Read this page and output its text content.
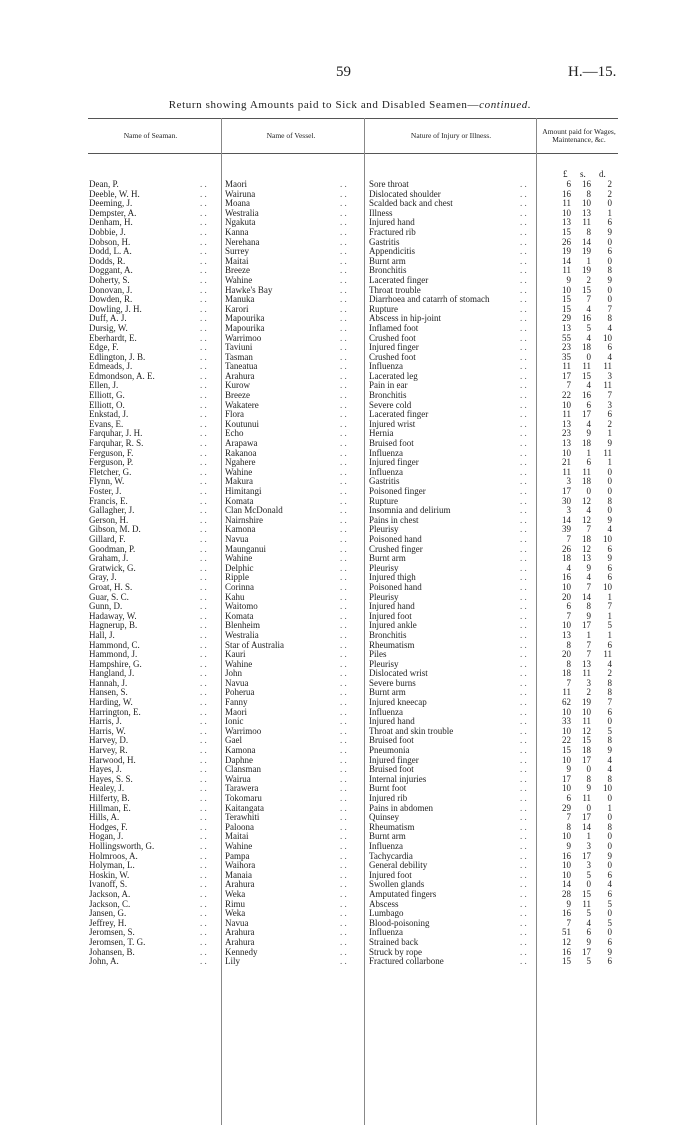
59	H.—15.
Return showing Amounts paid to Sick and Disabled Seamen—continued.
Name of Seaman.	Name of Vessel.	Nature of Injury or Illness.	Amount paid for Wages, Maintenance, &c.
£ s. d.
Dean, P.	Maori	Sore throat	6	16	2
. .	. .	. .
Deeble, W. H.	Wairuna	Dislocated shoulder	16	8	2
. .	. .	. .
Deeming, J.	Moana	Scalded back and chest	11	10	0
. .	. .	. .
Dempster, A.	Westralia	Illness	10	13	1
. .	. .	. .
Denham, H.	Ngakuta	Injured hand	13	11	6
. .	. .	. .
Dobbie, J.	Kanna	Fractured rib	15	8	9
. .	. .	. .
Dobson, H.	Nerehana	Gastritis	26	14	0
. .	. .	. .
Dodd, L. A.	Surrey	Appendicitis	19	19	6
. .	. .	. .
Dodds, R.	Maitai	Burnt arm	14	1	0
. .	. .	. .
Doggant, A.	Breeze	Bronchitis	11	19	8
. .	. .	. .
Doherty, S.	Wahine	Lacerated finger	9	2	9
. .	. .	. .
Donovan, J.	Hawke's Bay	Throat trouble	10	15	0
. .	. .	. .
Dowden, R.	Manuka	Diarrhoea and catarrh of stomach	15	7	0
. .	. .	. .
Dowling, J. H.	Karori	Rupture	15	4	7
. .	. .	. .
Duff, A. J.	Mapourika	Abscess in hip-joint	29	16	8
. .	. .	. .
Dursig, W.	Mapourika	Inflamed foot	13	5	4
. .	. .	. .
Eberhardt, E.	Warrimoo	Crushed foot	55	4	10
. .	. .	. .
Edge, F.	Taviuni	Injured finger	23	18	6
. .	. .	. .
Edlington, J. B.	Tasman	Crushed foot	35	0	4
. .	. .	. .
Edmeads, J.	Taneatua	Influenza	11	11	11
. .	. .	. .
Edmondson, A. E.	Arahura	Lacerated leg	17	15	3
. .	. .	. .
Ellen, J.	Kurow	Pain in ear	7	4	11
. .	. .	. .
Elliott, G.	Breeze	Bronchitis	22	16	7
. .	. .	. .
Elliott, O.	Wakatere	Severe cold	10	6	3
. .	. .	. .
Enkstad, J.	Flora	Lacerated finger	11	17	6
. .	. .	. .
Evans, E.	Koutunui	Injured wrist	13	4	2
. .	. .	. .
Farquhar, J. H.	Echo	Hernia	23	9	1
. .	. .	. .
Farquhar, R. S.	Arapawa	Bruised foot	13	18	9
. .	. .	. .
Ferguson, F.	Rakanoa	Influenza	10	1	11
. .	. .	. .
Ferguson, P.	Ngahere	Injured finger	21	6	1
. .	. .	. .
Fletcher, G.	Wahine	Influenza	11	11	0
. .	. .	. .
Flynn, W.	Makura	Gastritis	3	18	0
. .	. .	. .
Foster, J.	Himitangi	Poisoned finger	17	0	0
. .	. .	. .
Francis, E.	Komata	Rupture	30	12	8
. .	. .	. .
Gallagher, J.	Clan McDonald	Insomnia and delirium	3	4	0
. .	. .	. .
Gerson, H.	Nairnshire	Pains in chest	14	12	9
. .	. .	. .
Gibson, M. D.	Kamona	Pleurisy	39	7	4
. .	. .	. .
Gillard, F.	Navua	Poisoned hand	7	18	10
. .	. .	. .
Goodman, P.	Maunganui	Crushed finger	26	12	6
. .	. .	. .
Graham, J.	Wahine	Burnt arm	18	13	9
. .	. .	. .
Gratwick, G.	Delphic	Pleurisy	4	9	6
. .	. .	. .
Gray, J.	Ripple	Injured thigh	16	4	6
. .	. .	. .
Groat, H. S.	Corinna	Poisoned hand	10	7	10
. .	. .	. .
Guar, S. C.	Kahu	Pleurisy	20	14	1
. .	. .	. .
Gunn, D.	Waitomo	Injured hand	6	8	7
. .	. .	. .
Hadaway, W.	Komata	Injured foot	7	9	1
. .	. .	. .
Hagnerup, B.	Blenheim	Injured ankle	10	17	5
. .	. .	. .
Hall, J.	Westralia	Bronchitis	13	1	1
. .	. .	. .
Hammond, C.	Star of Australia	Rheumatism	8	7	6
. .	. .	. .
Hammond, J.	Kauri	Piles	20	7	11
. .	. .	. .
Hampshire, G.	Wahine	Pleurisy	8	13	4
. .	. .	. .
Hangland, J.	John	Dislocated wrist	18	11	2
. .	. .	. .
Hannah, J.	Navua	Severe burns	7	3	8
. .	. .	. .
Hansen, S.	Poherua	Burnt arm	11	2	8
. .	. .	. .
Harding, W.	Fanny	Injured kneecap	62	19	7
. .	. .	. .
Harrington, E.	Maori	Influenza	10	10	6
. .	. .	. .
Harris, J.	Ionic	Injured hand	33	11	0
. .	. .	. .
Harris, W.	Warrimoo	Throat and skin trouble	10	12	5
. .	. .	. .
Harvey, D.	Gael	Bruised foot	22	15	8
. .	. .	. .
Harvey, R.	Kamona	Pneumonia	15	18	9
. .	. .	. .
Harwood, H.	Daphne	Injured finger	10	17	4
. .	. .	. .
Hayes, J.	Clansman	Bruised foot	9	0	4
. .	. .	. .
Hayes, S. S.	Wairua	Internal injuries	17	8	8
. .	. .	. .
Healey, J.	Tarawera	Burnt foot	10	9	10
. .	. .	. .
Hilferty, B.	Tokomaru	Injured rib	6	11	0
. .	. .	. .
Hillman, E.	Kaitangata	Pains in abdomen	29	0	1
. .	. .	. .
Hills, A.	Terawhiti	Quinsey	7	17	0
. .	. .	. .
Hodges, F.	Paloona	Rheumatism	8	14	8
. .	. .	. .
Hogan, J.	Maitai	Burnt arm	10	1	0
. .	. .	. .
Hollingsworth, G.	Wahine	Influenza	9	3	0
. .	. .	. .
Holmroos, A.	Pampa	Tachycardia	16	17	9
. .	. .	. .
Holyman, L.	Waihora	General debility	10	3	0
. .	. .	. .
Hoskin, W.	Manaia	Injured foot	10	5	6
. .	. .	. .
Ivanoff, S.	Arahura	Swollen glands	14	0	4
. .	. .	. .
Jackson, A.	Weka	Amputated fingers	28	15	6
. .	. .	. .
Jackson, C.	Rimu	Abscess	9	11	5
. .	. .	. .
Jansen, G.	Weka	Lumbago	16	5	0
. .	. .	. .
Jeffrey, H.	Navua	Blood-poisoning	7	4	5
. .	. .	. .
Jeromsen, S.	Arahura	Influenza	51	6	0
. .	. .	. .
Jeromsen, T. G.	Arahura	Strained back	12	9	6
. .	. .	. .
Johansen, B.	Kennedy	Struck by rope	16	17	9
. .	. .	. .
John, A.	Lily	Fractured collarbone	15	5	6
. .	. .	. .
